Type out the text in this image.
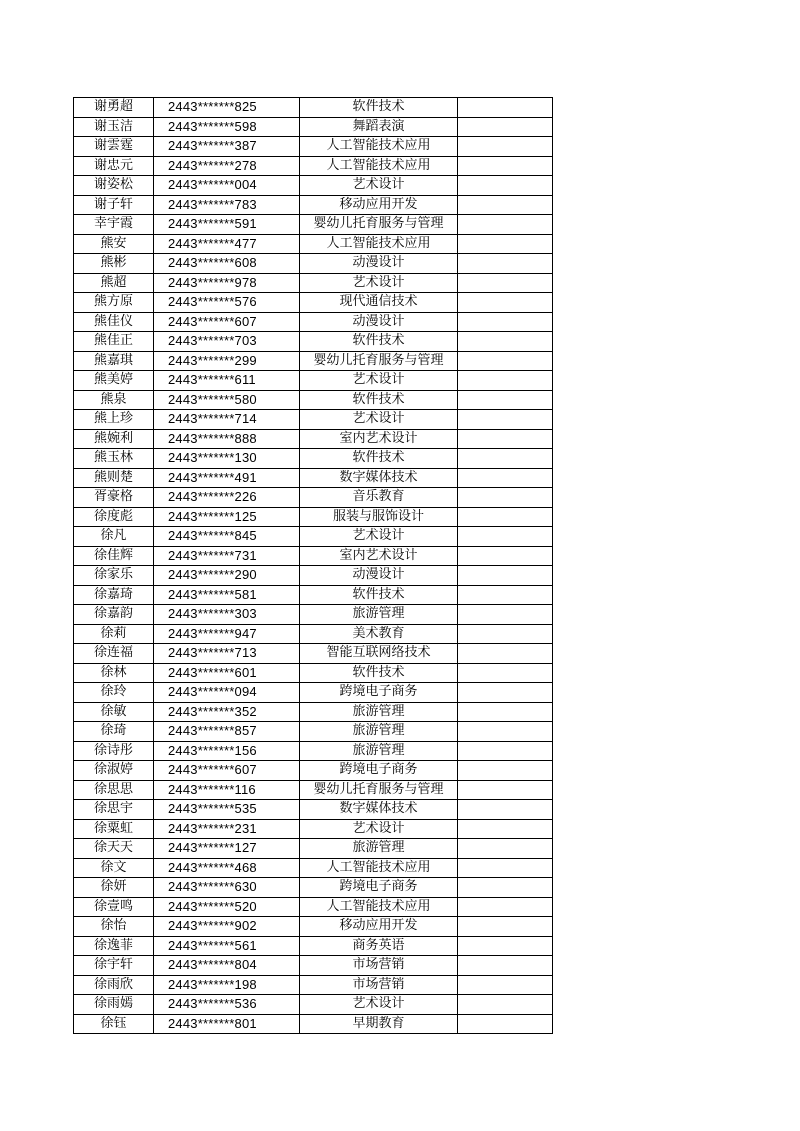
谢勇超	2443*******825	软件技术	
谢玉洁	2443*******598	舞蹈表演	
谢雲霆	2443*******387	人工智能技术应用	
谢忠元	2443*******278	人工智能技术应用	
谢姿松	2443*******004	艺术设计	
谢子轩	2443*******783	移动应用开发	
幸宇霞	2443*******591	婴幼儿托育服务与管理	
熊安	2443*******477	人工智能技术应用	
熊彬	2443*******608	动漫设计	
熊超	2443*******978	艺术设计	
熊方原	2443*******576	现代通信技术	
熊佳仪	2443*******607	动漫设计	
熊佳正	2443*******703	软件技术	
熊嘉琪	2443*******299	婴幼儿托育服务与管理	
熊美婷	2443*******611	艺术设计	
熊泉	2443*******580	软件技术	
熊上珍	2443*******714	艺术设计	
熊婉利	2443*******888	室内艺术设计	
熊玉林	2443*******130	软件技术	
熊则楚	2443*******491	数字媒体技术	
胥豪格	2443*******226	音乐教育	
徐度彪	2443*******125	服装与服饰设计	
徐凡	2443*******845	艺术设计	
徐佳辉	2443*******731	室内艺术设计	
徐家乐	2443*******290	动漫设计	
徐嘉琦	2443*******581	软件技术	
徐嘉韵	2443*******303	旅游管理	
徐莉	2443*******947	美术教育	
徐连福	2443*******713	智能互联网络技术	
徐林	2443*******601	软件技术	
徐玲	2443*******094	跨境电子商务	
徐敏	2443*******352	旅游管理	
徐琦	2443*******857	旅游管理	
徐诗彤	2443*******156	旅游管理	
徐淑婷	2443*******607	跨境电子商务	
徐思思	2443*******116	婴幼儿托育服务与管理	
徐思宇	2443*******535	数字媒体技术	
徐粟虹	2443*******231	艺术设计	
徐天天	2443*******127	旅游管理	
徐文	2443*******468	人工智能技术应用	
徐妍	2443*******630	跨境电子商务	
徐壹鸣	2443*******520	人工智能技术应用	
徐怡	2443*******902	移动应用开发	
徐逸菲	2443*******561	商务英语	
徐宇轩	2443*******804	市场营销	
徐雨欣	2443*******198	市场营销	
徐雨嫣	2443*******536	艺术设计	
徐钰	2443*******801	早期教育	
